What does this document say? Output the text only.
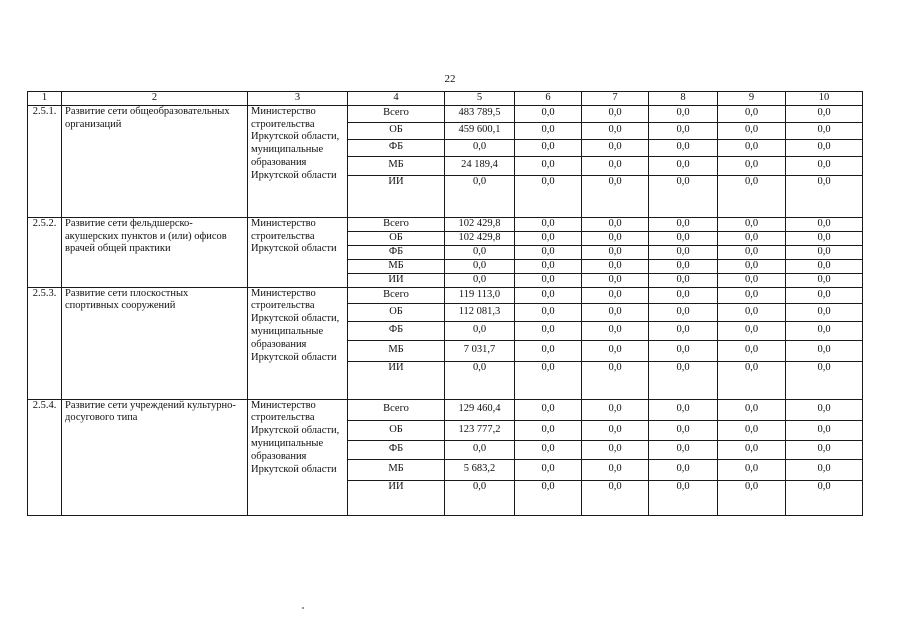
22
1	2	3	4	5	6	7	8	9	10
2.5.1.	Развитие сети общеобразовательных организаций	Министерство строительства Иркутской области, муниципальные образования Иркутской области	Всего	483 789,5	0,0	0,0	0,0	0,0	0,0
			ОБ	459 600,1	0,0	0,0	0,0	0,0	0,0
			ФБ	0,0	0,0	0,0	0,0	0,0	0,0
			МБ	24 189,4	0,0	0,0	0,0	0,0	0,0
			ИИ	0,0	0,0	0,0	0,0	0,0	0,0
2.5.2.	Развитие сети фельдшерско-акушерских пунктов и (или) офисов врачей общей практики	Министерство строительства Иркутской области	Всего	102 429,8	0,0	0,0	0,0	0,0	0,0
			ОБ	102 429,8	0,0	0,0	0,0	0,0	0,0
			ФБ	0,0	0,0	0,0	0,0	0,0	0,0
			МБ	0,0	0,0	0,0	0,0	0,0	0,0
			ИИ	0,0	0,0	0,0	0,0	0,0	0,0
2.5.3.	Развитие сети плоскостных спортивных сооружений	Министерство строительства Иркутской области, муниципальные образования Иркутской области	Всего	119 113,0	0,0	0,0	0,0	0,0	0,0
			ОБ	112 081,3	0,0	0,0	0,0	0,0	0,0
			ФБ	0,0	0,0	0,0	0,0	0,0	0,0
			МБ	7 031,7	0,0	0,0	0,0	0,0	0,0
			ИИ	0,0	0,0	0,0	0,0	0,0	0,0
2.5.4.	Развитие сети учреждений культурно-досугового типа	Министерство строительства Иркутской области, муниципальные образования Иркутской области	Всего	129 460,4	0,0	0,0	0,0	0,0	0,0
			ОБ	123 777,2	0,0	0,0	0,0	0,0	0,0
			ФБ	0,0	0,0	0,0	0,0	0,0	0,0
			МБ	5 683,2	0,0	0,0	0,0	0,0	0,0
			ИИ	0,0	0,0	0,0	0,0	0,0	0,0
